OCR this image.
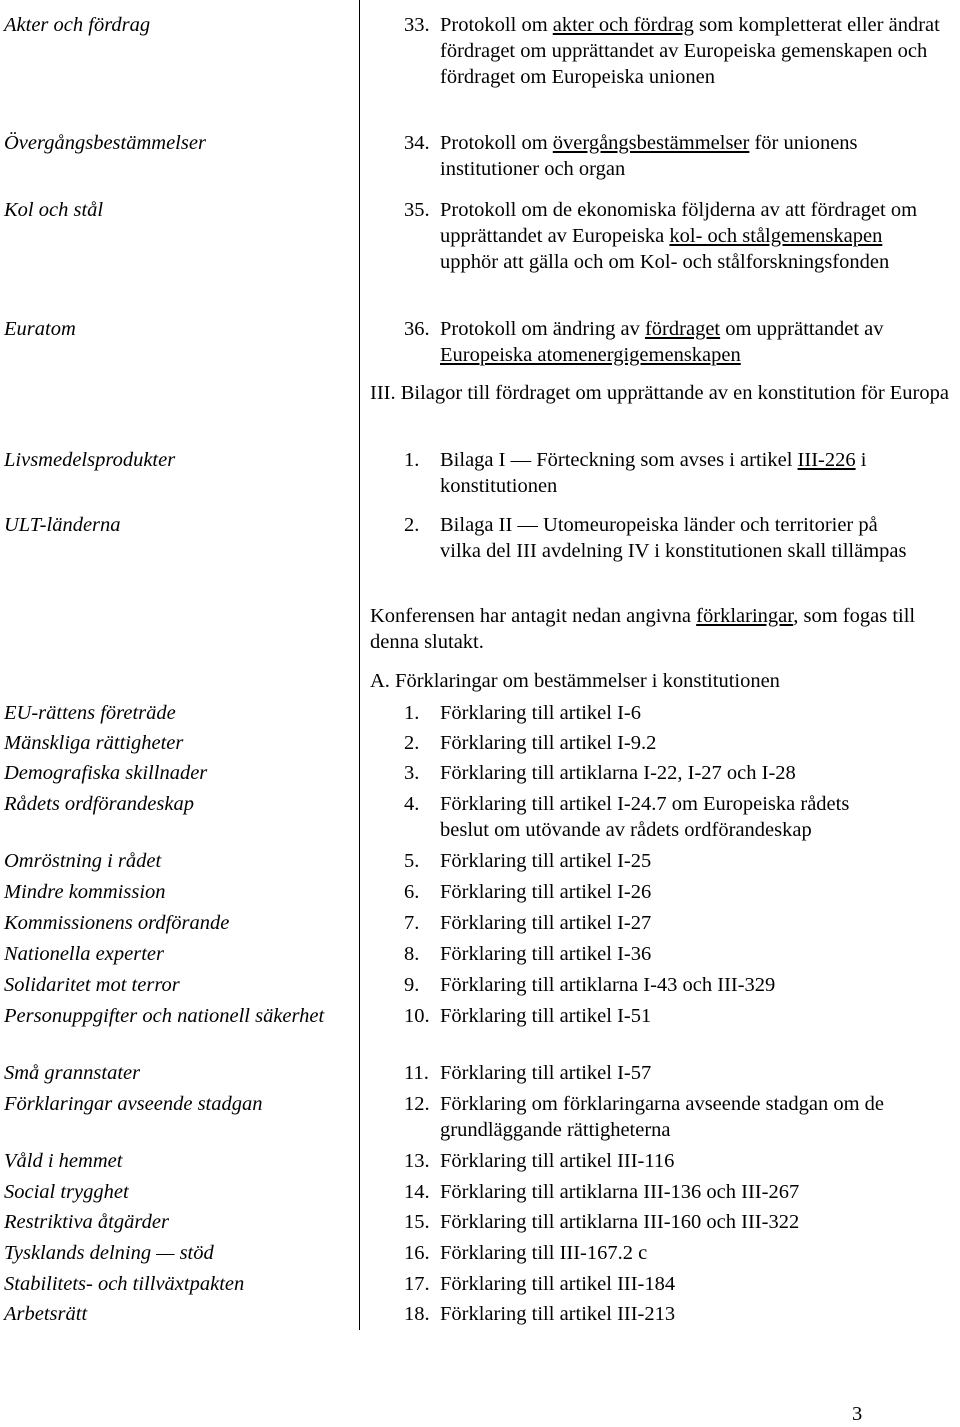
Akter och fördrag	33. Protokoll om akter och fördrag som kompletterat eller ändrat fördraget om upprättandet av Europeiska gemenskapen och fördraget om Europeiska unionen
Övergångsbestämmelser	34. Protokoll om övergångsbestämmelser för unionens institutioner och organ
Kol och stål	35. Protokoll om de ekonomiska följderna av att fördraget om upprättandet av Europeiska kol- och stålgemenskapen upphör att gälla och om Kol- och stålforskningsfonden
Euratom	36. Protokoll om ändring av fördraget om upprättandet av Europeiska atomenergigemenskapen
III. Bilagor till fördraget om upprättande av en konstitution för Europa
Livsmedelsprodukter	1. Bilaga I — Förteckning som avses i artikel III-226 i konstitutionen
ULT-länderna	2. Bilaga II — Utomeuropeiska länder och territorier på vilka del III avdelning IV i konstitutionen skall tillämpas
Konferensen har antagit nedan angivna förklaringar, som fogas till denna slutakt.
A. Förklaringar om bestämmelser i konstitutionen
EU-rättens företräde	1. Förklaring till artikel I-6
Mänskliga rättigheter	2. Förklaring till artikel I-9.2
Demografiska skillnader	3. Förklaring till artiklarna I-22, I-27 och I-28
Rådets ordförandeskap	4. Förklaring till artikel I-24.7 om Europeiska rådets beslut om utövande av rådets ordförandeskap
Omröstning i rådet	5. Förklaring till artikel I-25
Mindre kommission	6. Förklaring till artikel I-26
Kommissionens ordförande	7. Förklaring till artikel I-27
Nationella experter	8. Förklaring till artikel I-36
Solidaritet mot terror	9. Förklaring till artiklarna I-43 och III-329
Personuppgifter och nationell säkerhet	10. Förklaring till artikel I-51
Små grannstater	11. Förklaring till artikel I-57
Förklaringar avseende stadgan	12. Förklaring om förklaringarna avseende stadgan om de grundläggande rättigheterna
Våld i hemmet	13. Förklaring till artikel III-116
Social trygghet	14. Förklaring till artiklarna III-136 och III-267
Restriktiva åtgärder	15. Förklaring till artiklarna III-160 och III-322
Tysklands delning — stöd	16. Förklaring till III-167.2 c
Stabilitets- och tillväxtpakten	17. Förklaring till artikel III-184
Arbetsrätt	18. Förklaring till artikel III-213
3
